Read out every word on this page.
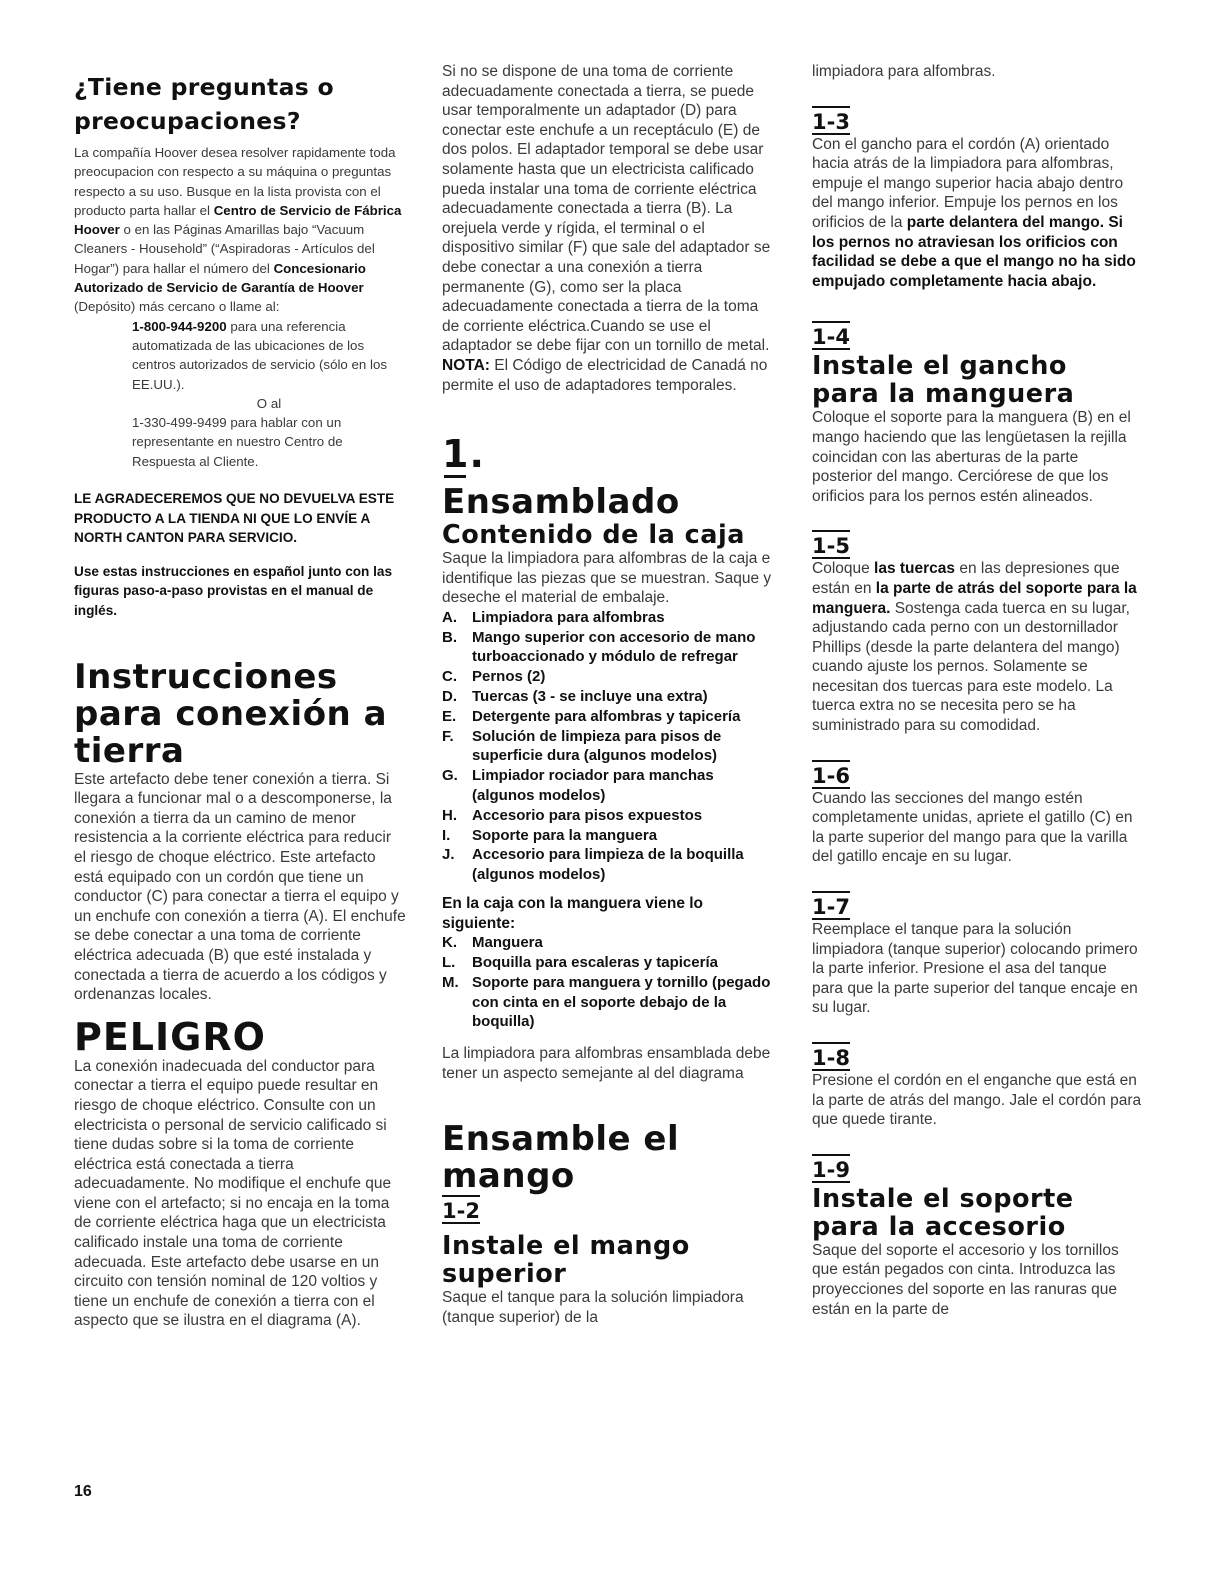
¿Tiene preguntas o preocupaciones?

La compañía Hoover desea resolver rapidamente toda preocupacion con respecto a su máquina o preguntas respecto a su uso. Busque en la lista provista con el producto parta hallar el Centro de Servicio de Fábrica Hoover o en las Páginas Amarillas bajo “Vacuum Cleaners - Household” (“Aspiradoras - Artículos del Hogar”) para hallar el número del Concesionario Autorizado de Servicio de Garantía de Hoover (Depósito) más cercano o llame al:

1-800-944-9200 para una referencia automatizada de las ubicaciones de los centros autorizados de servicio (sólo en los EE.UU.).

O al

1-330-499-9499 para hablar con un representante en nuestro Centro de Respuesta al Cliente.

LE AGRADECEREMOS QUE NO DEVUELVA ESTE PRODUCTO A LA TIENDA NI QUE LO ENVÍE A NORTH CANTON PARA SERVICIO.

Use estas instrucciones en español junto con las figuras paso-a-paso provistas en el manual de inglés.

Instrucciones para conexión a tierra

Este artefacto debe tener conexión a tierra. Si llegara a funcionar mal o a descomponerse, la conexión a tierra da un camino de menor resistencia a la corriente eléctrica para reducir el riesgo de choque eléctrico. Este artefacto está equipado con un cordón que tiene un conductor (C) para conectar a tierra el equipo y un enchufe con conexión a tierra (A). El enchufe se debe conectar a una toma de corriente eléctrica adecuada (B) que esté instalada y conectada a tierra de acuerdo a los códigos y ordenanzas locales.

PELIGRO

La conexión inadecuada del conductor para conectar a tierra el equipo puede resultar en riesgo de choque eléctrico. Consulte con un electricista o personal de servicio calificado si tiene dudas sobre si la toma de corriente eléctrica está conectada a tierra adecuadamente. No modifique el enchufe que viene con el artefacto; si no encaja en la toma de corriente eléctrica haga que un electricista calificado instale una toma de corriente adecuada. Este artefacto debe usarse en un circuito con tensión nominal de 120 voltios y tiene un enchufe de conexión a tierra con el aspecto que se ilustra en el diagrama (A).

Si no se dispone de una toma de corriente adecuadamente conectada a tierra, se puede usar temporalmente un adaptador (D) para conectar este enchufe a un receptáculo (E) de dos polos. El adaptador temporal se debe usar solamente hasta que un electricista calificado pueda instalar una toma de corriente eléctrica adecuadamente conectada a tierra (B). La orejuela verde y rígida, el terminal o el dispositivo similar (F) que sale del adaptador se debe conectar a una conexión a tierra permanente (G), como ser la placa adecuadamente conectada a tierra de la toma de corriente eléctrica.Cuando se use el adaptador se debe fijar con un tornillo de metal. NOTA: El Código de electricidad de Canadá no permite el uso de adaptadores temporales.

1.
Ensamblado
Contenido de la caja

Saque la limpiadora para alfombras de la caja e identifique las piezas que se muestran. Saque y deseche el material de embalaje.

A. Limpiadora para alfombras
B. Mango superior con accesorio de mano turboaccionado y módulo de refregar
C. Pernos (2)
D. Tuercas (3 - se incluye una extra)
E. Detergente para alfombras y tapicería
F. Solución de limpieza para pisos de superficie dura (algunos modelos)
G. Limpiador rociador para manchas (algunos modelos)
H. Accesorio para pisos expuestos
I. Soporte para la manguera
J. Accesorio para limpieza de la boquilla (algunos modelos)

En la caja con la manguera viene lo siguiente:

K. Manguera
L. Boquilla para escaleras y tapicería
M. Soporte para manguera y tornillo (pegado con cinta en el soporte debajo de la boquilla)

La limpiadora para alfombras ensamblada debe tener un aspecto semejante al del diagrama

Ensamble el mango
1-2
Instale el mango superior

Saque el tanque para la solución limpiadora (tanque superior) de la

limpiadora para alfombras.

1-3

Con el gancho para el cordón (A) orientado hacia atrás de la limpiadora para alfombras, empuje el mango superior hacia abajo dentro del mango inferior. Empuje los pernos en los orificios de la parte delantera del mango. Si los pernos no atraviesan los orificios con facilidad se debe a que el mango no ha sido empujado completamente hacia abajo.

1-4
Instale el gancho para la manguera

Coloque el soporte para la manguera (B) en el mango haciendo que las lengüetasen la rejilla coincidan con las aberturas de la parte posterior del mango. Cerciórese de que los orificios para los pernos estén alineados.

1-5

Coloque las tuercas en las depresiones que están en la parte de atrás del soporte para la manguera. Sostenga cada tuerca en su lugar, adjustando cada perno con un destornillador Phillips (desde la parte delantera del mango) cuando ajuste los pernos. Solamente se necesitan dos tuercas para este modelo. La tuerca extra no se necesita pero se ha suministrado para su comodidad.

1-6

Cuando las secciones del mango estén completamente unidas, apriete el gatillo (C) en la parte superior del mango para que la varilla del gatillo encaje en su lugar.

1-7

Reemplace el tanque para la solución limpiadora (tanque superior) colocando primero la parte inferior. Presione el asa del tanque para que la parte superior del tanque encaje en su lugar.

1-8

Presione el cordón en el enganche que está en la parte de atrás del mango. Jale el cordón para que quede tirante.

1-9
Instale el soporte para la accesorio

Saque del soporte el accesorio y los tornillos que están pegados con cinta. Introduzca las proyecciones del soporte en las ranuras que están en la parte de

16
